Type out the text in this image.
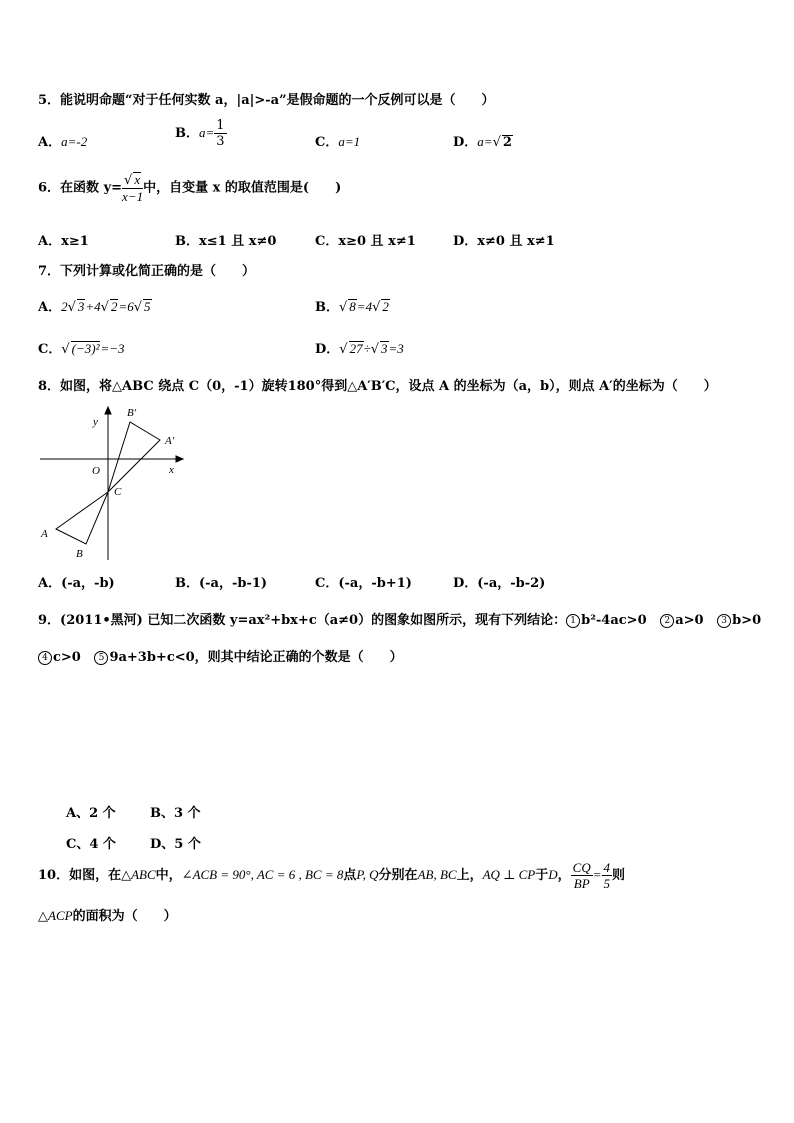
5．能说明命题“对于任何实数 a，|a|>-a”是假命题的一个反例可以是（　　）
A．a=-2
B．$a= \frac{1}{3}$	C．a=1	D．a=√ 2
6．在函数 $y= \frac{√ x}{x-1}$ 中，自变量 x 的取值范围是(　　)
A．x≥1	B．x≤1 且 x≠0	C．x≥0 且 x≠1	D．x≠0 且 x≠1
7．下列计算或化简正确的是（　　）
A．2√ 3+4√ 2=6√ 5	B．√ 8=4√ 2
C．√ (−3)²=−3	D．√ 27÷√ 3=3
8．如图，将△ABC 绕点 C（0，-1）旋转180°得到△A′B′C，设点 A 的坐标为（a，b），则点 A′的坐标为（　　）
y
x
O
C
A
B
A′
B′
A．(-a，-b)	B．(-a，-b-1)	C．(-a，-b+1)	D．(-a，-b-2)
9．(2011•黑河) 已知二次函数 y=ax²+bx+c（a≠0）的图象如图所示，现有下列结论： 1 b²-4ac>0 2 a>0 3 b>0
4 c>0 5 9a+3b+c<0，则其中结论正确的个数是（　　）
A、2 个	B、3 个
C、4 个	D、5 个
10．如图，在△ABC中，∠ACB = 90°, AC = 6 , BC = 8点P, Q分别在AB, BC上，AQ ⊥ CP于D， $\frac{CQ}{BP} = \frac{4}{5}$ 则
△ACP的面积为（　　）
